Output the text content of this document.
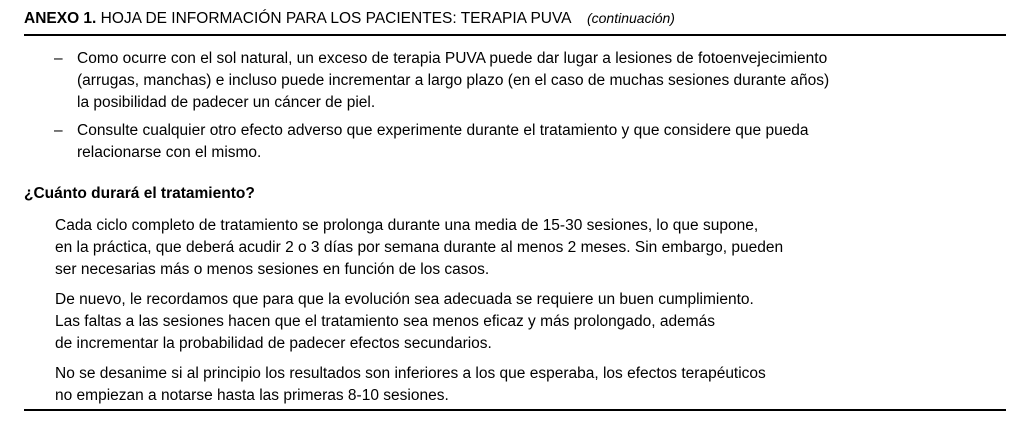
ANEXO 1. HOJA DE INFORMACIÓN PARA LOS PACIENTES: TERAPIA PUVA (continuación)
– Como ocurre con el sol natural, un exceso de terapia PUVA puede dar lugar a lesiones de fotoenvejecimiento
(arrugas, manchas) e incluso puede incrementar a largo plazo (en el caso de muchas sesiones durante años)
la posibilidad de padecer un cáncer de piel.
– Consulte cualquier otro efecto adverso que experimente durante el tratamiento y que considere que pueda
relacionarse con el mismo.
¿Cuánto durará el tratamiento?
Cada ciclo completo de tratamiento se prolonga durante una media de 15-30 sesiones, lo que supone,
en la práctica, que deberá acudir 2 o 3 días por semana durante al menos 2 meses. Sin embargo, pueden
ser necesarias más o menos sesiones en función de los casos.
De nuevo, le recordamos que para que la evolución sea adecuada se requiere un buen cumplimiento.
Las faltas a las sesiones hacen que el tratamiento sea menos eficaz y más prolongado, además
de incrementar la probabilidad de padecer efectos secundarios.
No se desanime si al principio los resultados son inferiores a los que esperaba, los efectos terapéuticos
no empiezan a notarse hasta las primeras 8-10 sesiones.
